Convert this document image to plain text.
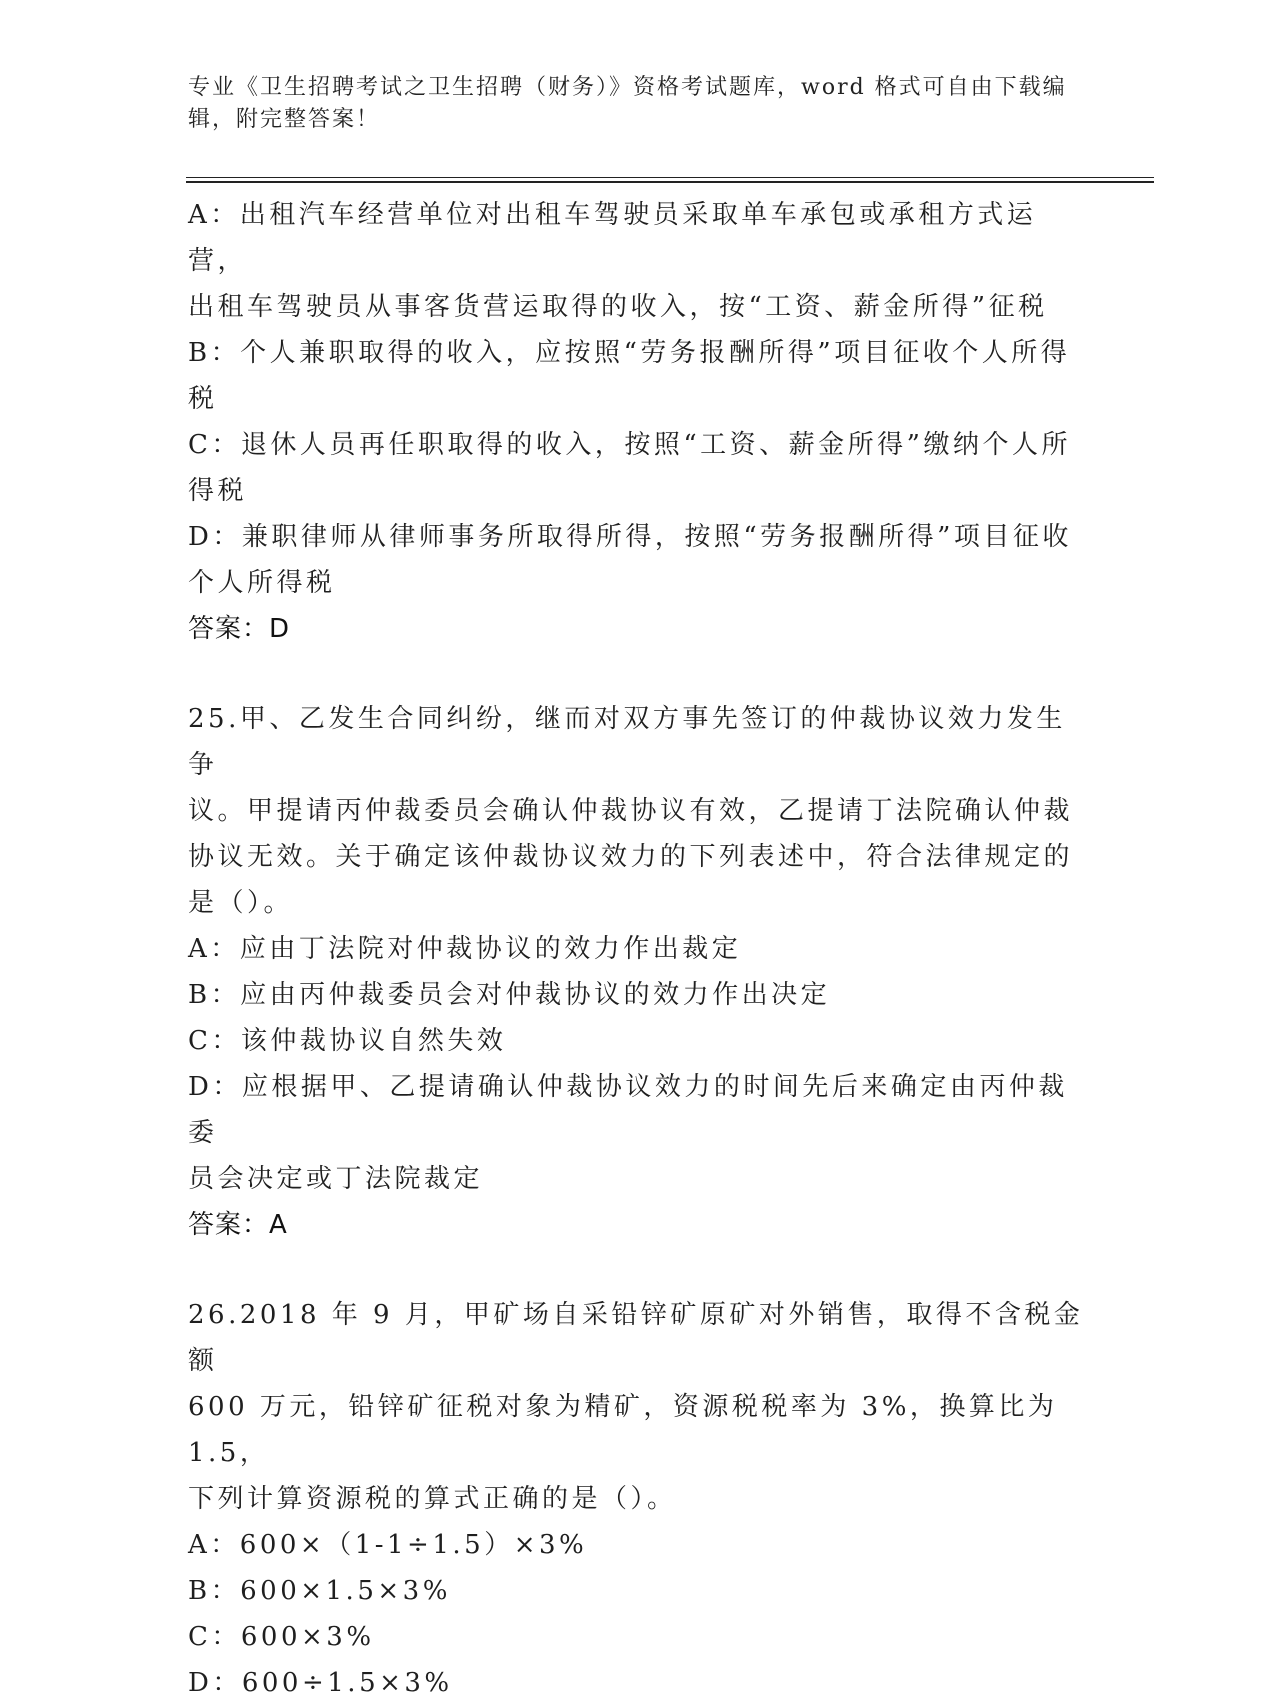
专业《卫生招聘考试之卫生招聘（财务）》资格考试题库，word 格式可自由下载编辑，附完整答案！
A：出租汽车经营单位对出租车驾驶员采取单车承包或承租方式运营，
出租车驾驶员从事客货营运取得的收入，按“工资、薪金所得”征税
B：个人兼职取得的收入，应按照“劳务报酬所得”项目征收个人所得
税
C：退休人员再任职取得的收入，按照“工资、薪金所得”缴纳个人所
得税
D：兼职律师从律师事务所取得所得，按照“劳务报酬所得”项目征收
个人所得税
答案：D
25.甲、乙发生合同纠纷，继而对双方事先签订的仲裁协议效力发生争
议。甲提请丙仲裁委员会确认仲裁协议有效，乙提请丁法院确认仲裁
协议无效。关于确定该仲裁协议效力的下列表述中，符合法律规定的
是（）。
A：应由丁法院对仲裁协议的效力作出裁定
B：应由丙仲裁委员会对仲裁协议的效力作出决定
C：该仲裁协议自然失效
D：应根据甲、乙提请确认仲裁协议效力的时间先后来确定由丙仲裁委
员会决定或丁法院裁定
答案：A
26.2018 年 9 月，甲矿场自采铅锌矿原矿对外销售，取得不含税金额
600 万元，铅锌矿征税对象为精矿，资源税税率为 3%，换算比为 1.5，
下列计算资源税的算式正确的是（）。
A：600×（1-1÷1.5）×3%
B：600×1.5×3%
C：600×3%
D：600÷1.5×3%
